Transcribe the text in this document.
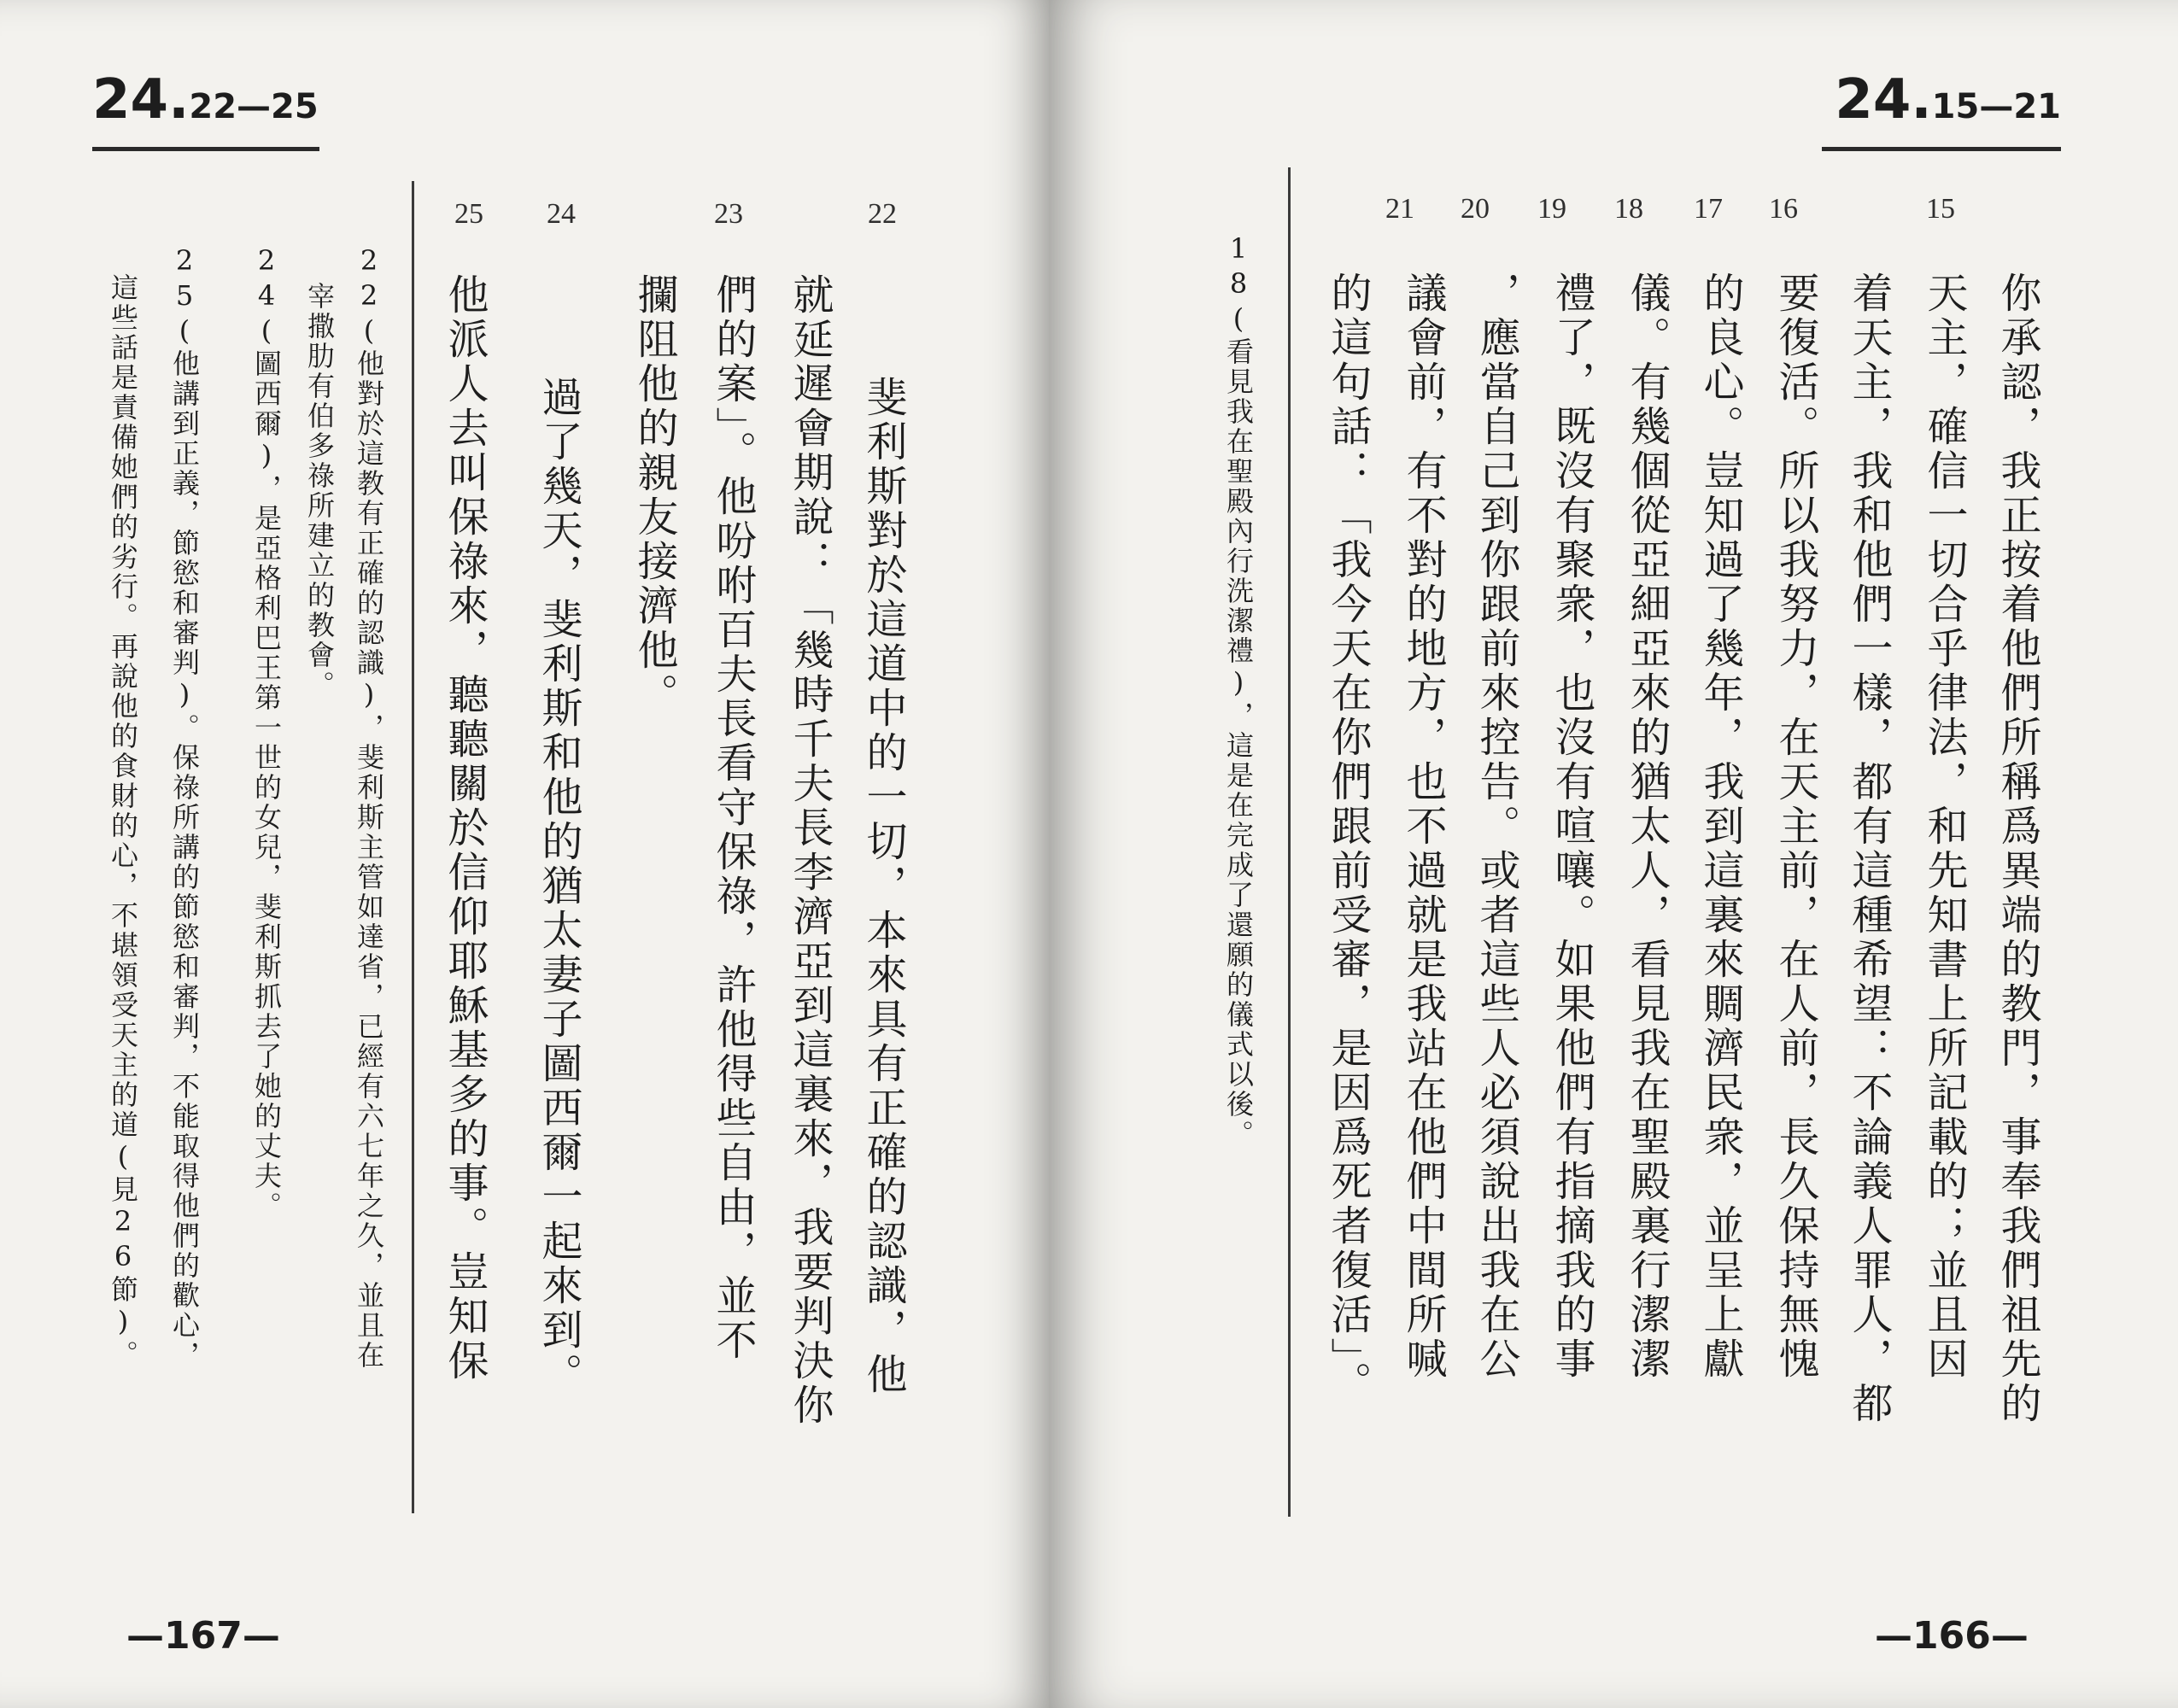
24.22—25
25 24	23	22
斐利斯對於這道中的一切，本來具有正確的認識，他
就延遲會期說：「幾時千夫長李濟亞到這裏來，我要判決你
們的案」。他吩咐百夫長看守保祿，許他得些自由，並不
攔阻他的親友接濟他。
過了幾天，斐利斯和他的猶太妻子圖西爾一起來到。
他派人去叫保祿來，聽聽關於信仰耶穌基多的事。豈知保
22(他對於這教有正確的認識)，斐利斯主管如達省，已經有六七年之久，並且在
宰撒肋有伯多祿所建立的教會。
24(圖西爾)，是亞格利巴王第一世的女兒，斐利斯抓去了她的丈夫。
25(他講到正義，節慾和審判)。保祿所講的節慾和審判，不能取得他們的歡心，
這些話是責備她們的劣行。再說他的食財的心，不堪領受天主的道(見26節)。
—167—
24.15—21
21 20 19 18 17 16	15
你承認，我正按着他們所稱爲異端的教門，事奉我們祖先的
天主，確信一切合乎律法，和先知書上所記載的；並且因
着天主，我和他們一樣，都有這種希望：不論義人罪人，都
要復活。所以我努力，在天主前，在人前，長久保持無愧
的良心。豈知過了幾年，我到這裏來賙濟民衆，並呈上獻
儀。有幾個從亞細亞來的猶太人，看見我在聖殿裏行潔潔
禮了，既沒有聚衆，也沒有喧嚷。如果他們有指摘我的事
，應當自己到你跟前來控告。或者這些人必須說出我在公
議會前，有不對的地方，也不過就是我站在他們中間所喊
的這句話：「我今天在你們跟前受審，是因爲死者復活」。
18(看見我在聖殿內行洗潔禮)，這是在完成了還願的儀式以後。
—166—
